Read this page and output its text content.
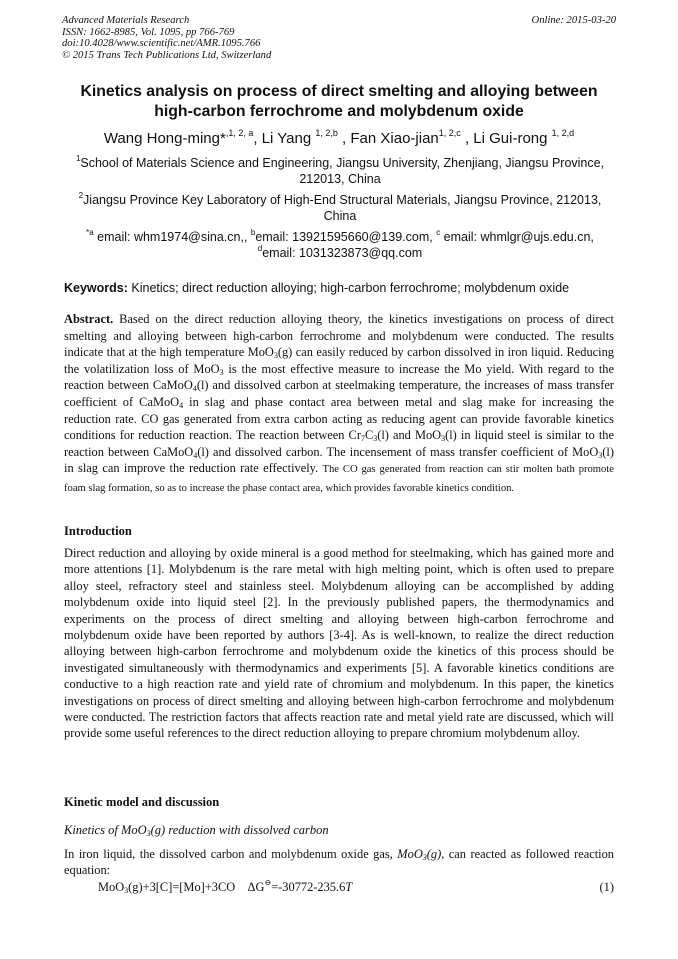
Advanced Materials Research
ISSN: 1662-8985, Vol. 1095, pp 766-769
doi:10.4028/www.scientific.net/AMR.1095.766
© 2015 Trans Tech Publications Ltd, Switzerland
Online: 2015-03-20
Kinetics analysis on process of direct smelting and alloying between high-carbon ferrochrome and molybdenum oxide
Wang Hong-ming*$^{,1, 2, a}$, Li Yang $^{1, 2,b}$ , Fan Xiao-jian$^{1, 2,c}$ , Li Gui-rong $^{1, 2,d}$
$^1$School of Materials Science and Engineering, Jiangsu University, Zhenjiang, Jiangsu Province, 212013, China
$^2$Jiangsu Province Key Laboratory of High-End Structural Materials, Jiangsu Province, 212013, China
$^{*a}$ email: whm1974@sina.cn,, $^b$email: 13921595660@139.com, $^c$ email: whmlgr@ujs.edu.cn,
$^d$email: 1031323873@qq.com
Keywords: Kinetics; direct reduction alloying; high-carbon ferrochrome; molybdenum oxide
Abstract. Based on the direct reduction alloying theory, the kinetics investigations on process of direct smelting and alloying between high-carbon ferrochrome and molybdenum were conducted. The results indicate that at the high temperature MoO$_3$(g) can easily reduced by carbon dissolved in iron liquid. Reducing the volatilization loss of MoO$_3$ is the most effective measure to increase the Mo yield. With regard to the reaction between CaMoO$_4$(l) and dissolved carbon at steelmaking temperature, the increases of mass transfer coefficient of CaMoO$_4$ in slag and phase contact area between metal and slag make for increasing the reduction rate. CO gas generated from extra carbon acting as reducing agent can provide favorable kinetics conditions for reduction reaction. The reaction between $Cr_7C_3(l)$ and MoO$_3$(l) in liquid steel is similar to the reaction between CaMoO$_4$(l) and dissolved carbon. The incensement of mass transfer coefficient of MoO$_3$(l) in slag can improve the reduction rate effectively. The CO gas generated from reaction can stir molten bath promote foam slag formation, so as to increase the phase contact area, which provides favorable kinetics condition.
Introduction
Direct reduction and alloying by oxide mineral is a good method for steelmaking, which has gained more and more attentions [1]. Molybdenum is the rare metal with high melting point, which is often used to prepare alloy steel, refractory steel and stainless steel. Molybdenum alloying can be accomplished by adding molybdenum oxide into liquid steel [2]. In the previously published papers, the thermodynamics and experiments on the process of direct smelting and alloying between high-carbon ferrochrome and molybdenum oxide have been reported by authors [3-4]. As is well-known, to realize the direct reduction alloying between high-carbon ferrochrome and molybdenum oxide the kinetics of this process should be investigated simultaneously with thermodynamics and experiments [5]. A favorable kinetics conditions are conductive to a high reaction rate and yield rate of chromium and molybdenum. In this paper, the kinetics investigations on process of direct smelting and alloying between high-carbon ferrochrome and molybdenum were conducted. The restriction factors that affects reaction rate and metal yield rate are discussed, which will provide some useful references to the direct reduction alloying to prepare chromium molybdenum alloy.
Kinetic model and discussion
Kinetics of MoO$_3$(g) reduction with dissolved carbon
In iron liquid, the dissolved carbon and molybdenum oxide gas, MoO$_3$(g), can reacted as followed reaction equation:
MoO$_3$(g)+3[C]=[Mo]+3CO    ΔG⊖=-30772-235.6T	(1)
